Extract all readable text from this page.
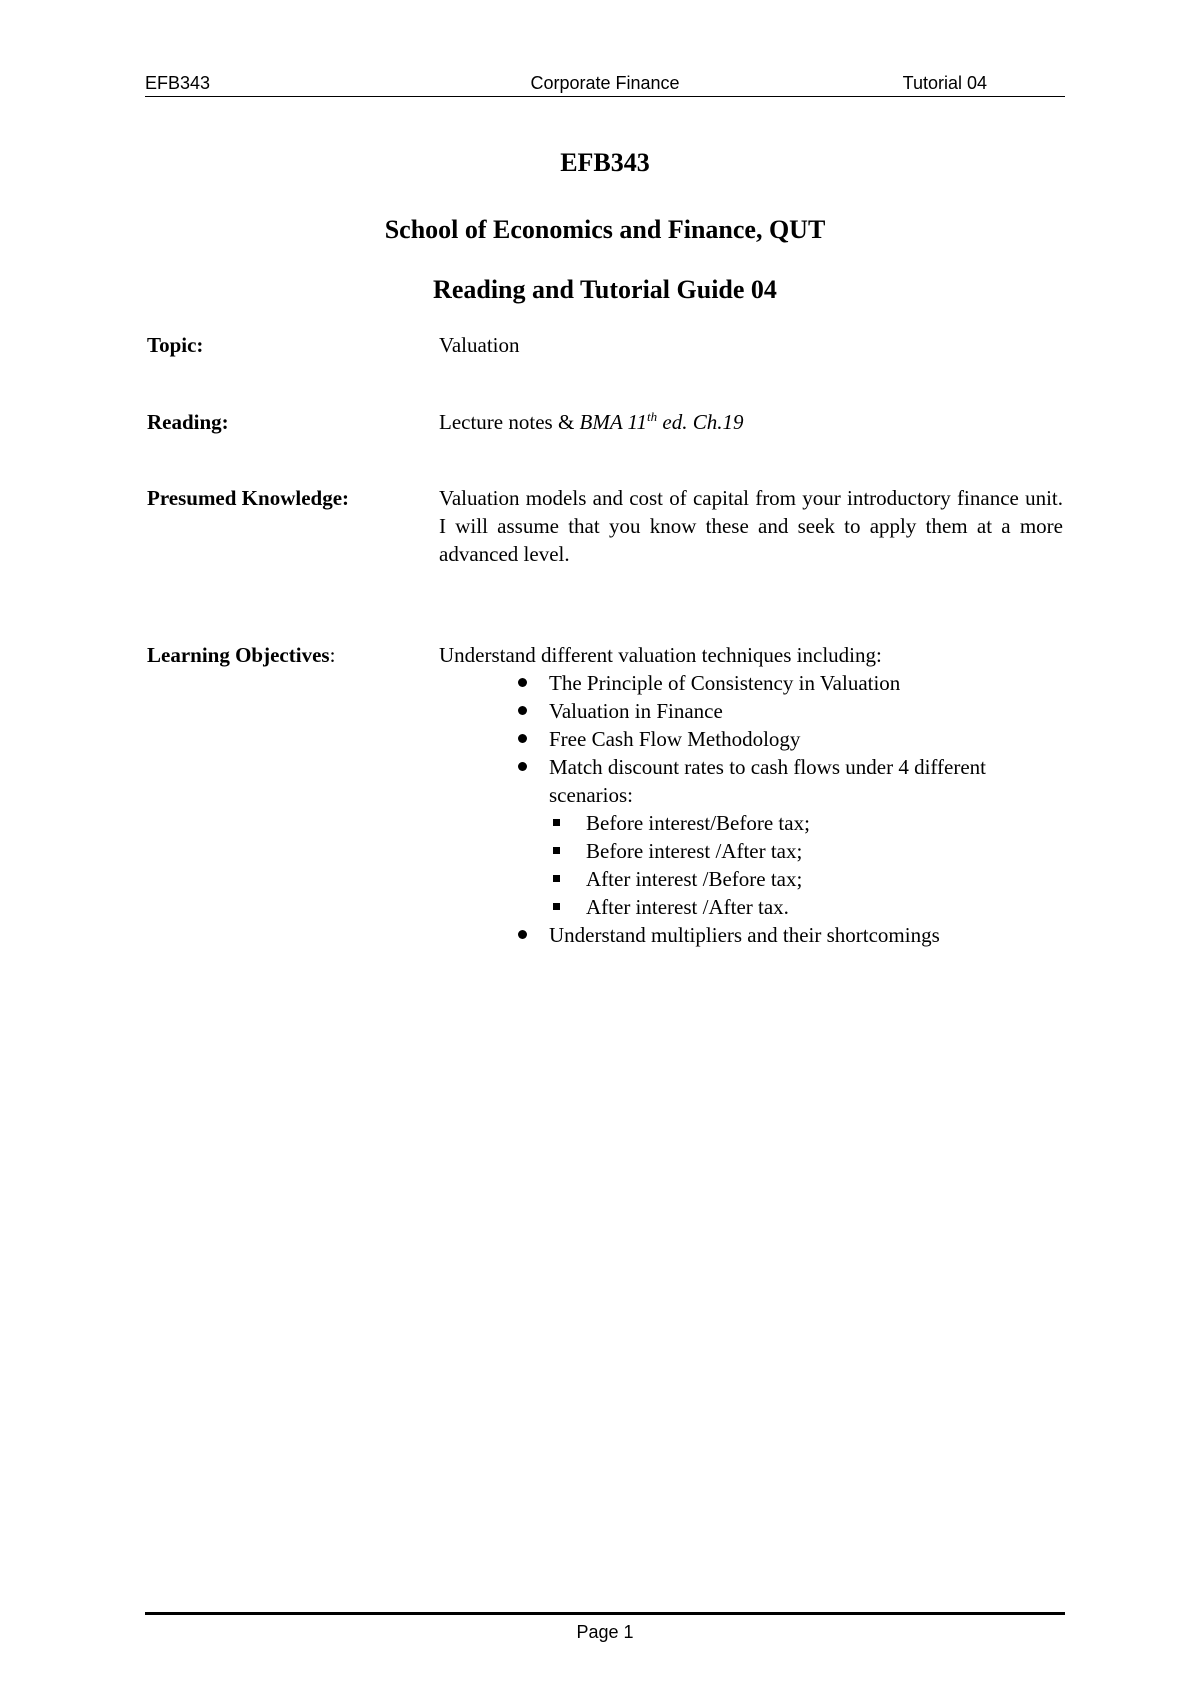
EFB343	Corporate Finance	Tutorial 04
EFB343
School of Economics and Finance, QUT
Reading and Tutorial Guide 04
Topic:	Valuation
Reading:	Lecture notes & BMA 11th ed. Ch.19
Presumed Knowledge:	Valuation models and cost of capital from your introductory finance unit. I will assume that you know these and seek to apply them at a more advanced level.
Learning Objectives:	Understand different valuation techniques including:
The Principle of Consistency in Valuation
Valuation in Finance
Free Cash Flow Methodology
Match discount rates to cash flows under 4 different scenarios:
Before interest/Before tax;
Before interest /After tax;
After interest /Before tax;
After interest /After tax.
Understand multipliers and their shortcomings
Page 1
